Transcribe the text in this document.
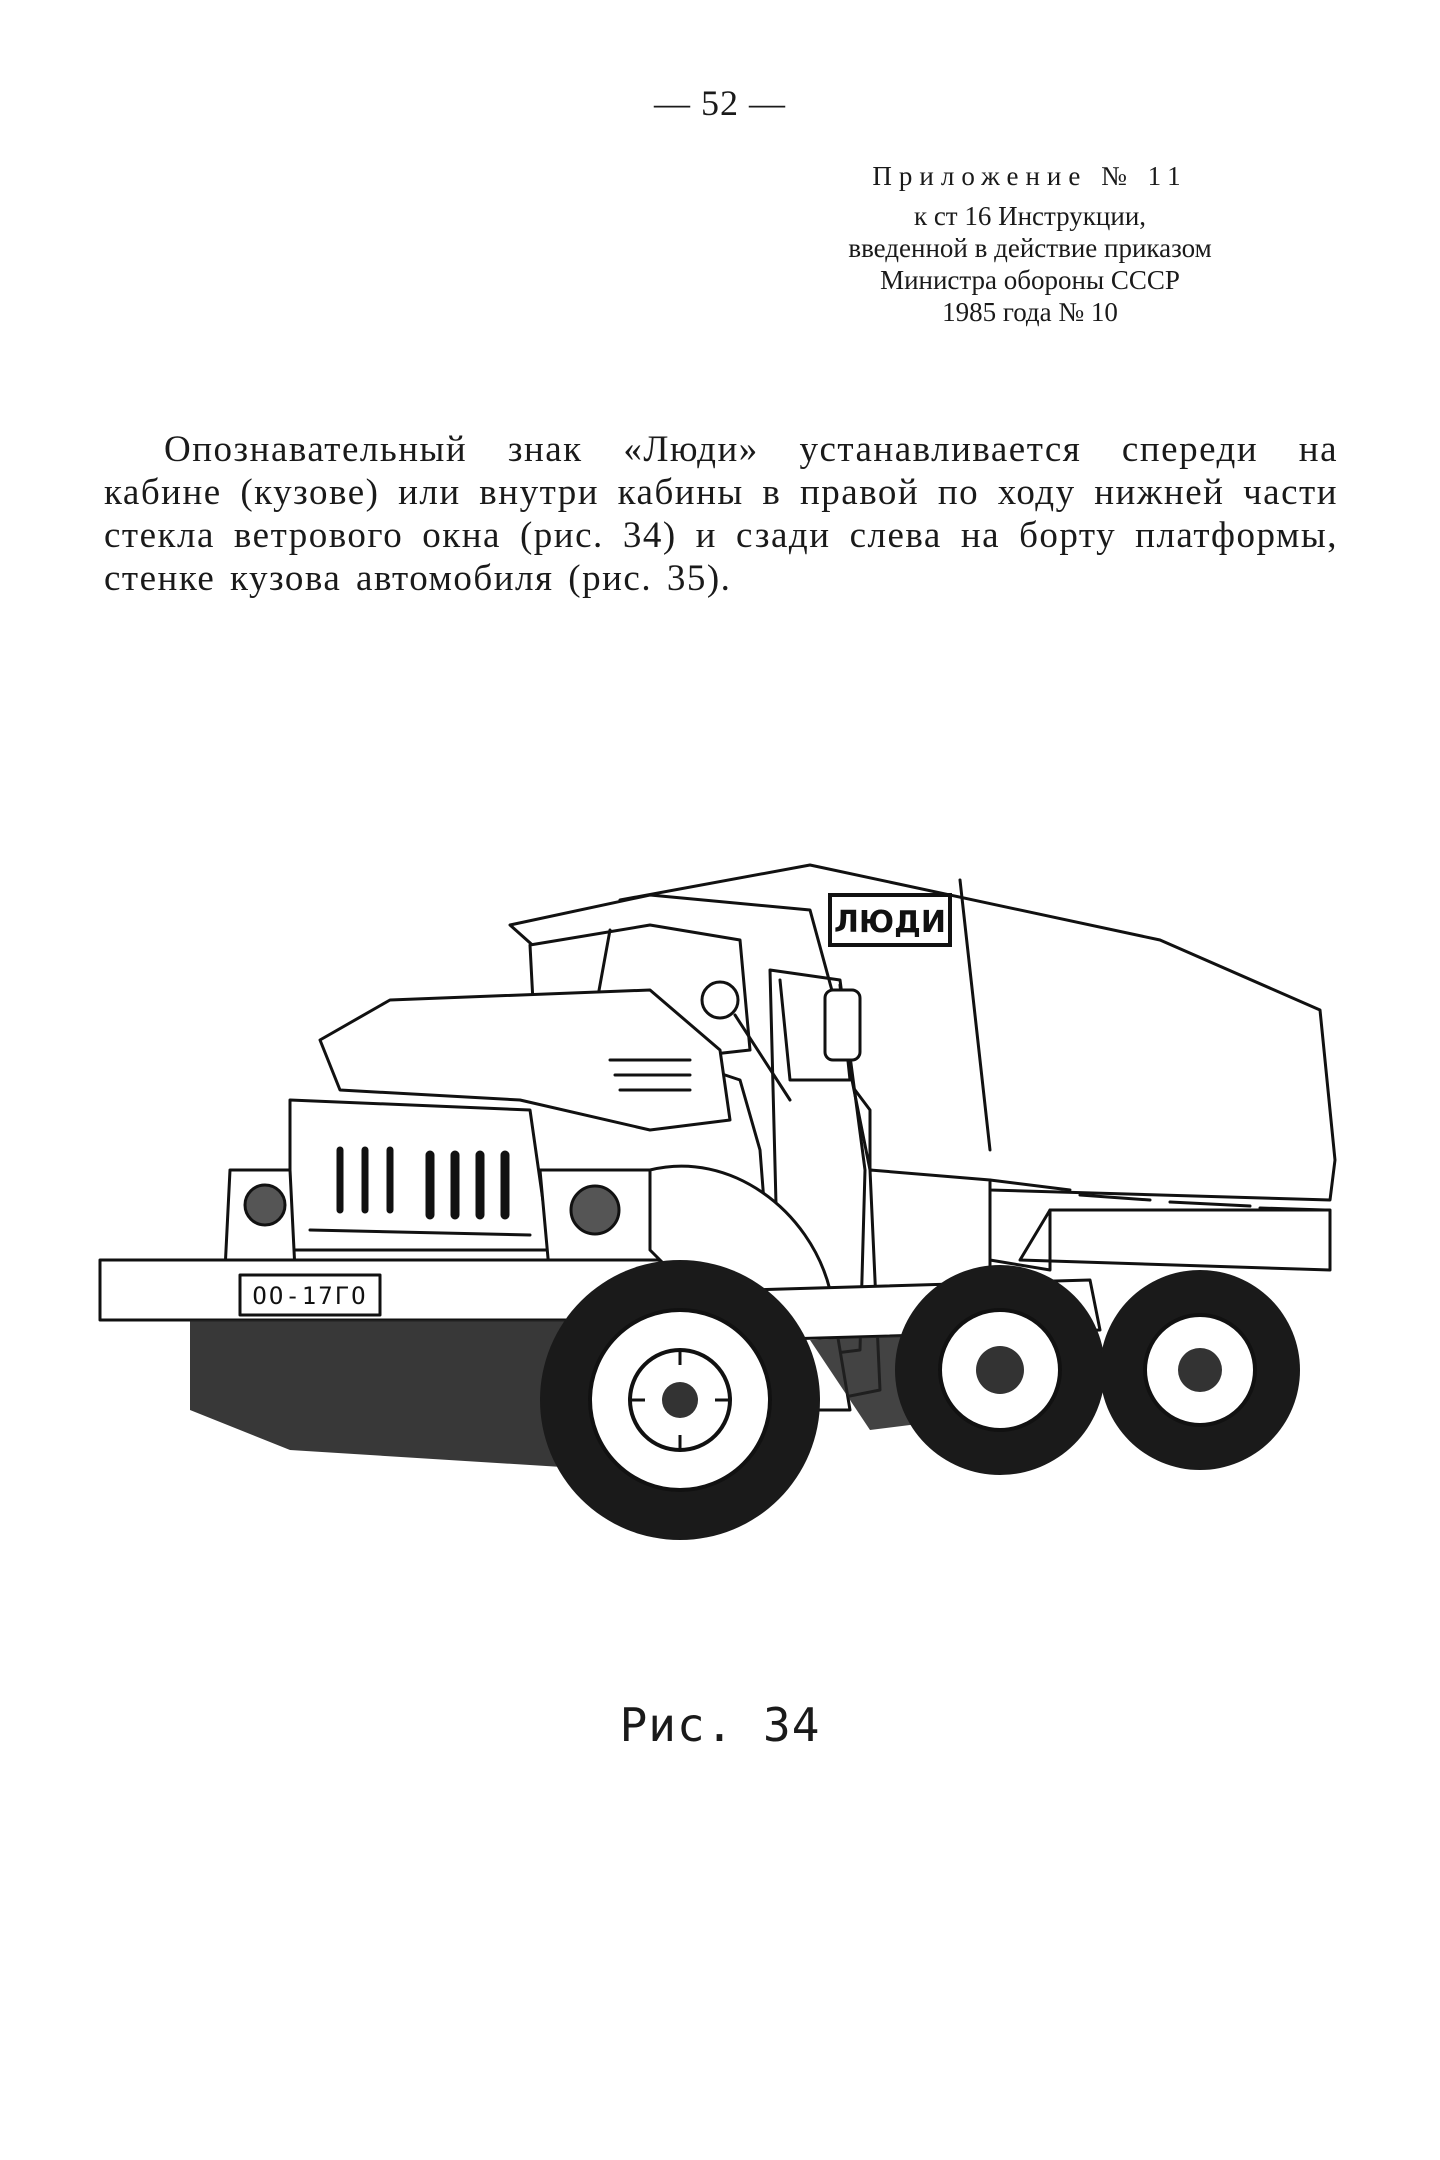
— 52 —
Приложение № 11
к ст 16 Инструкции,
введенной в действие приказом
Министра обороны СССР
1985 года № 10
Опознавательный знак «Люди» устанавливается спереди на кабине (кузове) или внутри кабины в правой по ходу нижней части стекла ветрового окна (рис. 34) и сзади слева на борту платформы, стенке кузова автомобиля (рис. 35).
ЛЮДИ
ОО-17ГО
Рис. 34
